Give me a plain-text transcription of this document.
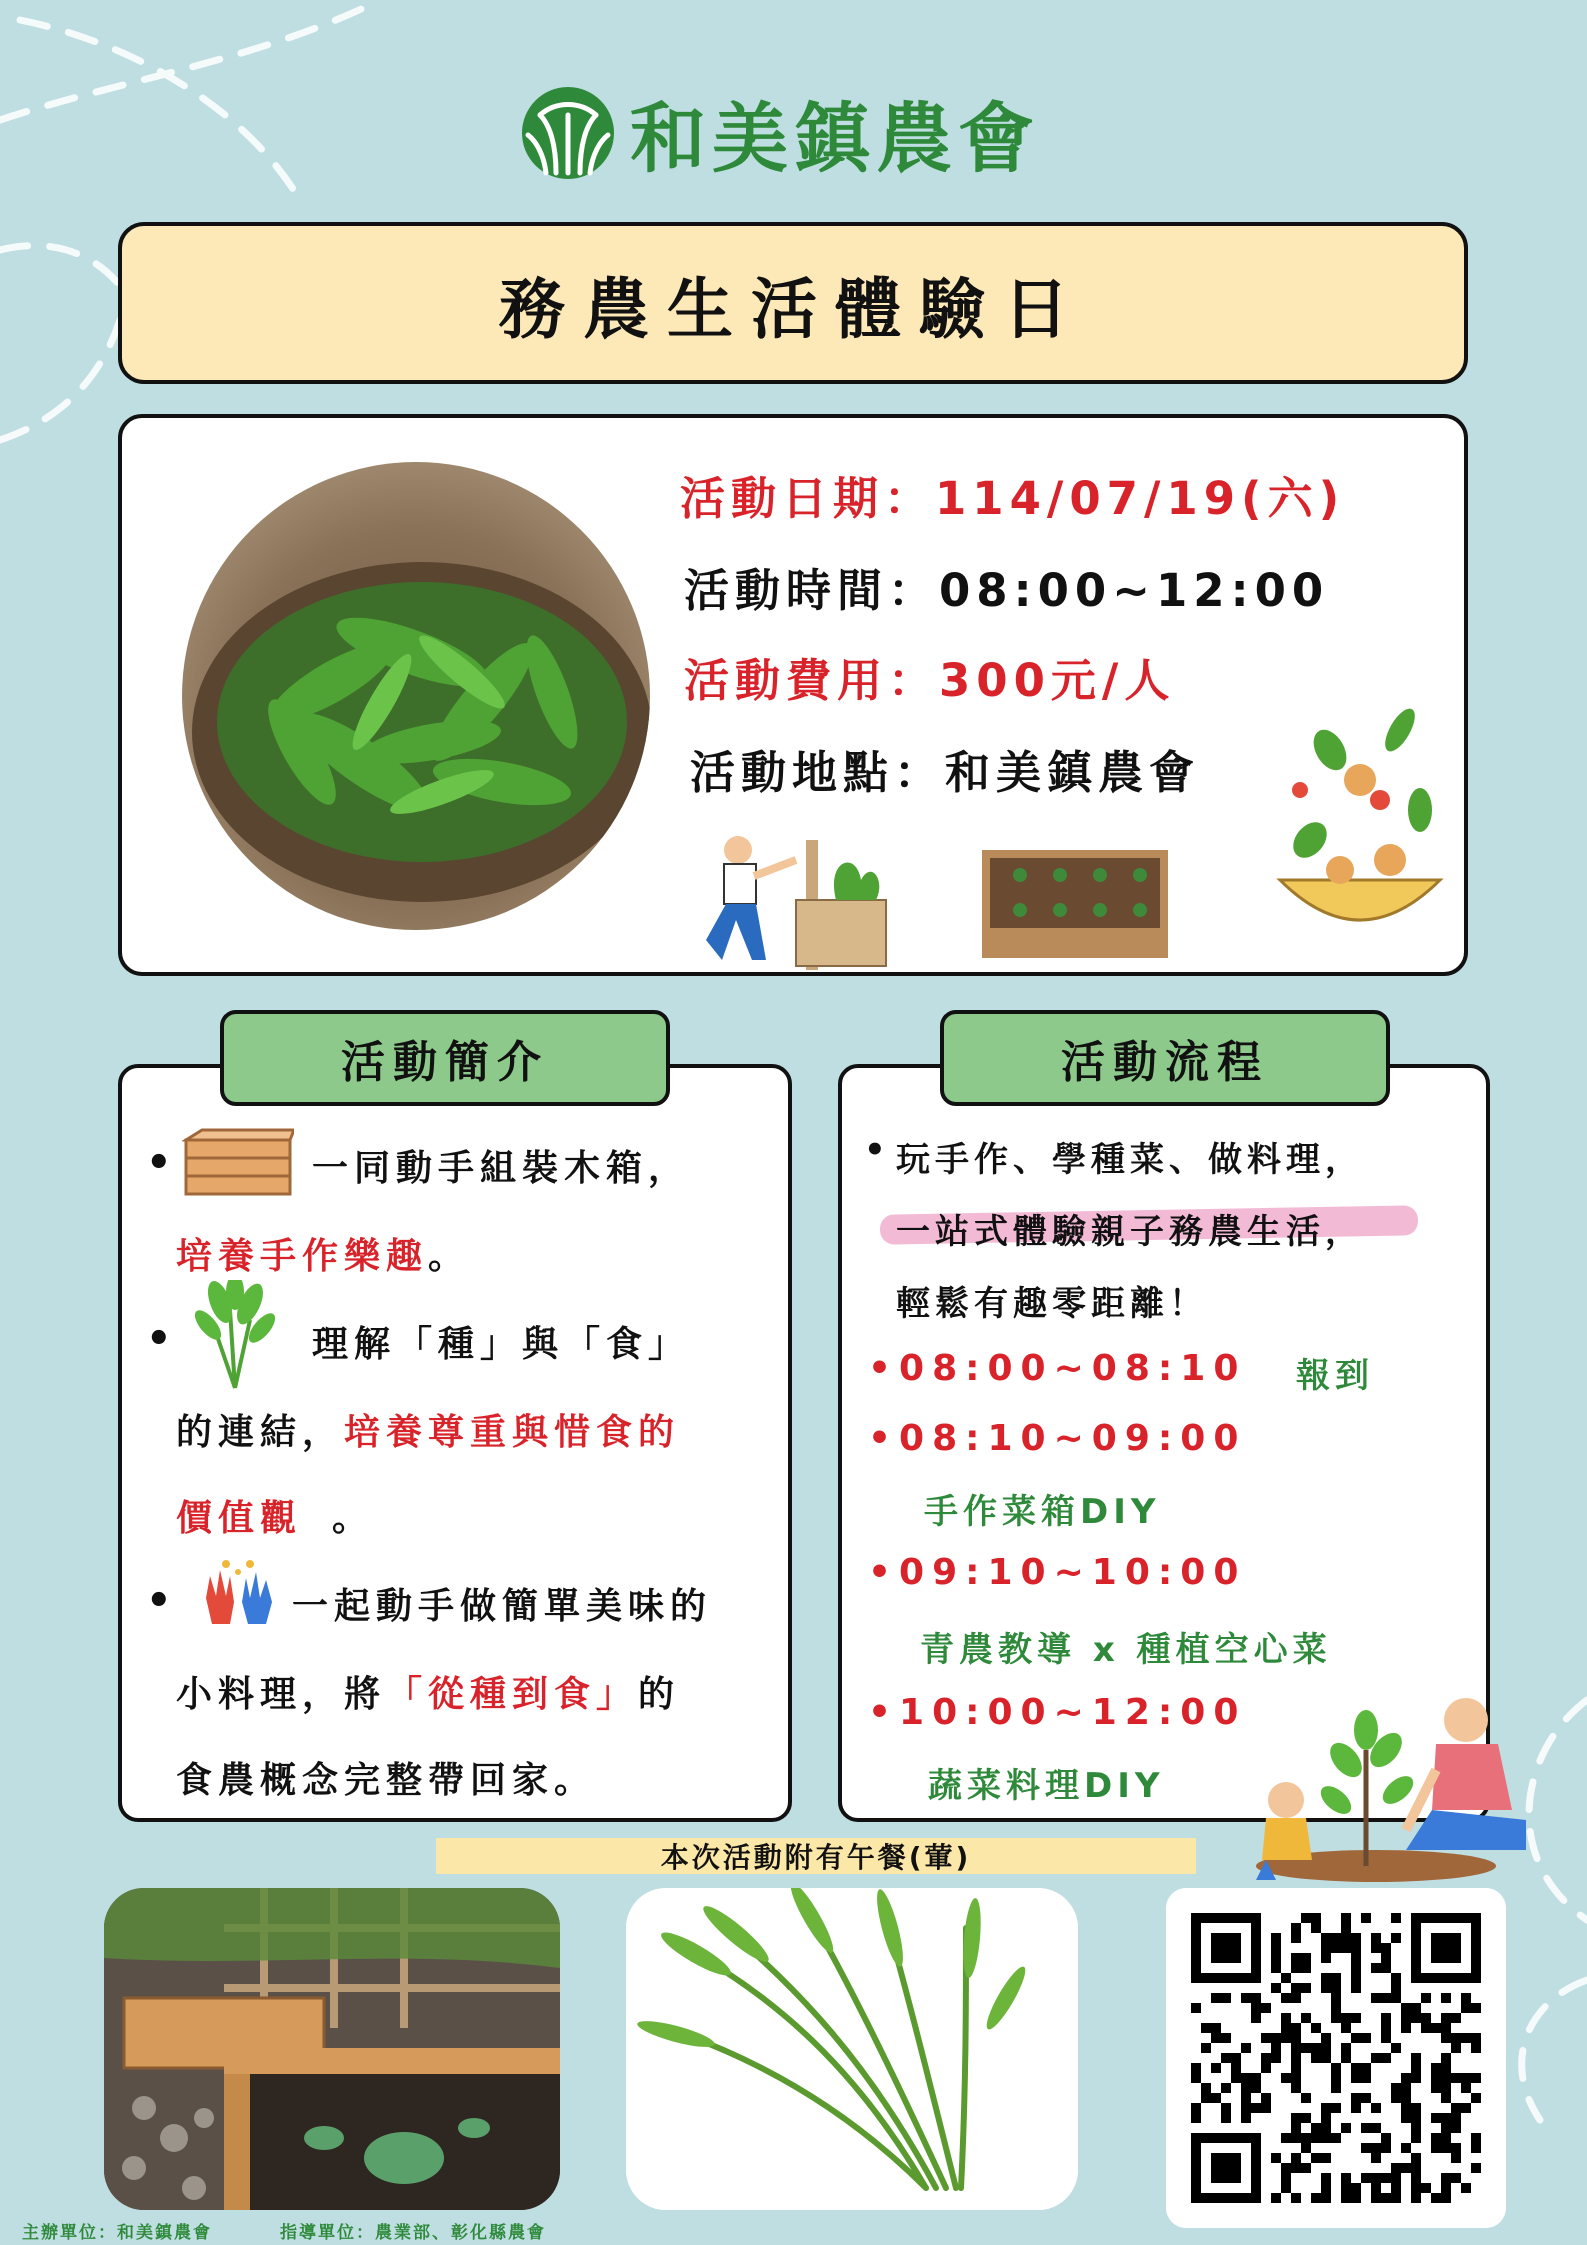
和美鎮農會
務農生活體驗日
活動日期：114/07/19(六)
活動時間：08:00~12:00
活動費用：300元/人
活動地點：和美鎮農會
活動簡介
•	一同動手組裝木箱，
培養手作樂趣。
•	理解「種」與「食」
的連結，培養尊重與惜食的
價值觀 。
•	一起動手做簡單美味的
小料理，將「從種到食」的
食農概念完整帶回家。
活動流程
• 玩手作、學種菜、做料理，
一站式體驗親子務農生活，
輕鬆有趣零距離！
•08:00~08:10 報到
•08:10~09:00
手作菜箱DIY
•09:10~10:00
青農教導 x 種植空心菜
•10:00~12:00
蔬菜料理DIY
本次活動附有午餐(葷)
主辦單位：和美鎮農會	指導單位：農業部、彰化縣農會
